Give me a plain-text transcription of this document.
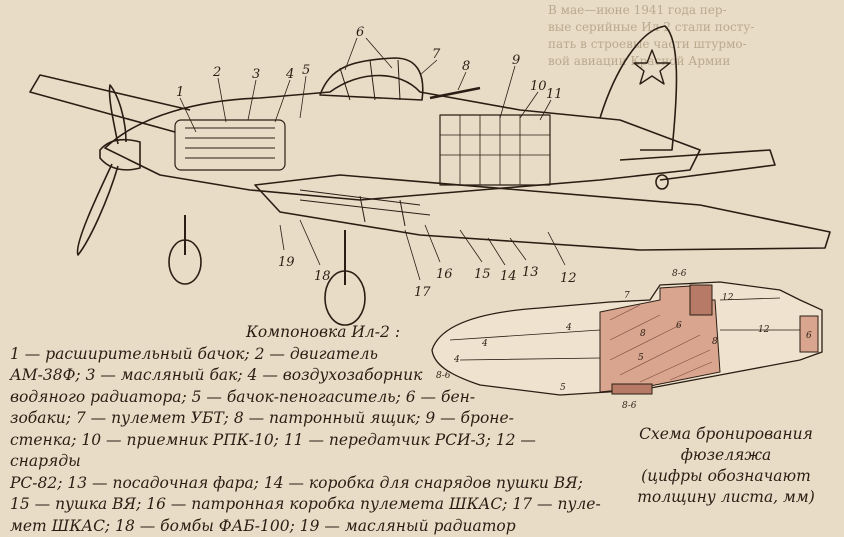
В мае—июне 1941 года пер-
вые серийные Ил-2 стали посту-
пать в строевые части штурмо-
вой авиации Красной Армии
1
2 3 4 5
6
7
8	9
10
11
12
13
14
15
16
17
18
19
8-6
12
4
5
8
6
8
12
6
4
4
8-6
5
8-6
7
Компоновка Ил-2 :
1 — расширительный бачок; 2 — двигатель
АМ-38Ф; 3 — масляный бак; 4 — воздухозаборник
водяного радиатора; 5 — бачок-пеногаситель; 6 — бен-
зобаки; 7 — пулемет УБТ; 8 — патронный ящик; 9 — броне-
стенка; 10 — приемник РПК-10; 11 — передатчик РСИ-3; 12 — снаряды
РС-82; 13 — посадочная фара; 14 — коробка для снарядов пушки ВЯ;
15 — пушка ВЯ; 16 — патронная коробка пулемета ШКАС; 17 — пуле-
мет ШКАС; 18 — бомбы ФАБ-100; 19 — масляный радиатор
Схема бронирования
фюзеляжа
(цифры обозначают
толщину листа, мм)
